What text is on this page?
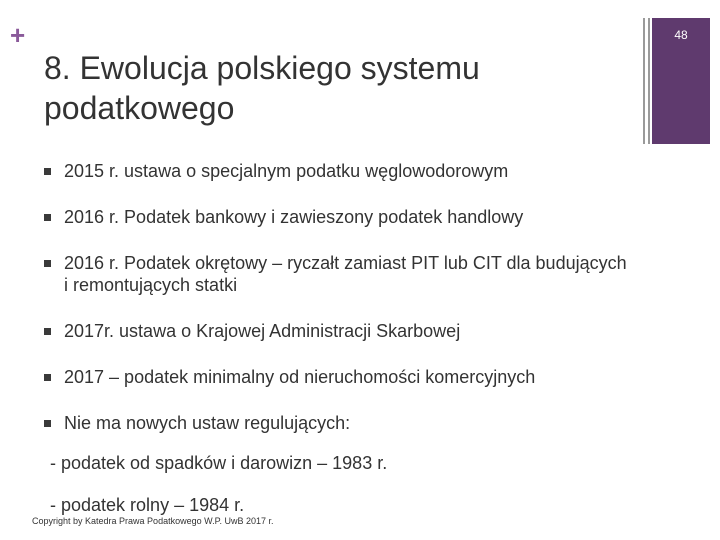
+	48
8. Ewolucja polskiego systemu podatkowego
2015 r. ustawa o specjalnym podatku węglowodorowym
2016 r. Podatek bankowy i zawieszony podatek handlowy
2016 r. Podatek okrętowy – ryczałt zamiast PIT lub CIT dla budujących i remontujących statki
2017r. ustawa o Krajowej Administracji Skarbowej
2017 – podatek minimalny od nieruchomości komercyjnych
Nie ma nowych ustaw regulujących:
- podatek od spadków i darowizn – 1983 r.
- podatek rolny – 1984 r.
Copyright by Katedra Prawa Podatkowego W.P. UwB 2017 r.
